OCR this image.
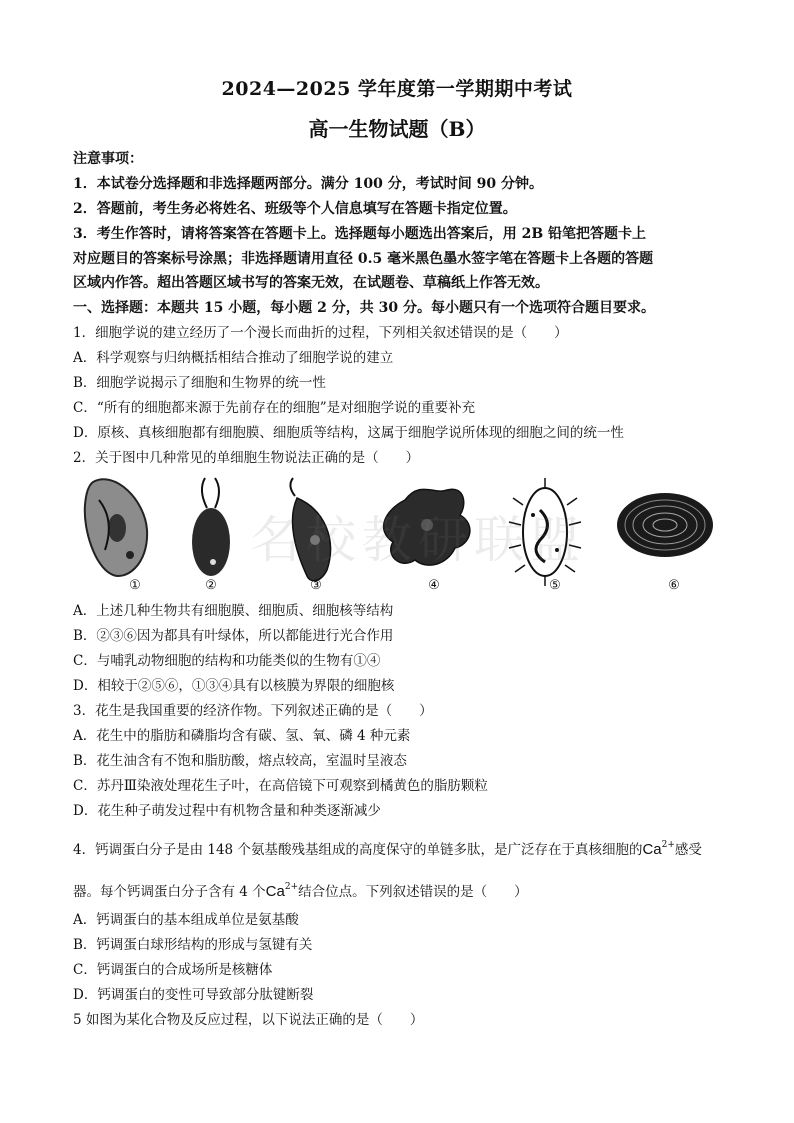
2024—2025 学年度第一学期期中考试
高一生物试题（B）
注意事项：
1．本试卷分选择题和非选择题两部分。满分 100 分，考试时间 90 分钟。
2．答题前，考生务必将姓名、班级等个人信息填写在答题卡指定位置。
3．考生作答时，请将答案答在答题卡上。选择题每小题选出答案后，用 2B 铅笔把答题卡上
对应题目的答案标号涂黑；非选择题请用直径 0.5 毫米黑色墨水签字笔在答题卡上各题的答题
区域内作答。超出答题区域书写的答案无效，在试题卷、草稿纸上作答无效。
一、选择题：本题共 15 小题，每小题 2 分，共 30 分。每小题只有一个选项符合题目要求。
1．细胞学说的建立经历了一个漫长而曲折的过程，下列相关叙述错误的是（　　）
A．科学观察与归纳概括相结合推动了细胞学说的建立
B．细胞学说揭示了细胞和生物界的统一性
C．“所有的细胞都来源于先前存在的细胞”是对细胞学说的重要补充
D．原核、真核细胞都有细胞膜、细胞质等结构，这属于细胞学说所体现的细胞之间的统一性
2．关于图中几种常见的单细胞生物说法正确的是（　　）
名校教研联盟
①	②	③	④	⑤	⑥
A．上述几种生物共有细胞膜、细胞质、细胞核等结构
B．②③⑥因为都具有叶绿体，所以都能进行光合作用
C．与哺乳动物细胞的结构和功能类似的生物有①④
D．相较于②⑤⑥，①③④具有以核膜为界限的细胞核
3．花生是我国重要的经济作物。下列叙述正确的是（　　）
A．花生中的脂肪和磷脂均含有碳、氢、氧、磷 4 种元素
B．花生油含有不饱和脂肪酸，熔点较高，室温时呈液态
C．苏丹Ⅲ染液处理花生子叶，在高倍镜下可观察到橘黄色的脂肪颗粒
D．花生种子萌发过程中有机物含量和种类逐渐减少
4．钙调蛋白分子是由 148 个氨基酸残基组成的高度保守的单链多肽，是广泛存在于真核细胞的$Ca^{2+}$感受
器。每个钙调蛋白分子含有 4 个$Ca^{2+}$结合位点。下列叙述错误的是（　　）
A．钙调蛋白的基本组成单位是氨基酸
B．钙调蛋白球形结构的形成与氢键有关
C．钙调蛋白的合成场所是核糖体
D．钙调蛋白的变性可导致部分肽键断裂
5 如图为某化合物及反应过程，以下说法正确的是（　　）
